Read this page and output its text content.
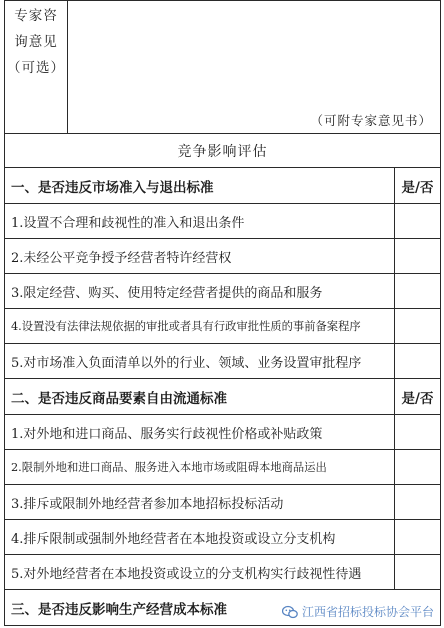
专家咨
询意见
（可选）

（可附专家意见书）

竞争影响评估
一、是否违反市场准入与退出标准	是/否
1.设置不合理和歧视性的准入和退出条件	
2.未经公平竞争授予经营者特许经营权	
3.限定经营、购买、使用特定经营者提供的商品和服务	
4.设置没有法律法规依据的审批或者具有行政审批性质的事前备案程序	
5.对市场准入负面清单以外的行业、领域、业务设置审批程序	
二、是否违反商品要素自由流通标准	是/否
1.对外地和进口商品、服务实行歧视性价格或补贴政策	
2.限制外地和进口商品、服务进入本地市场或阻碍本地商品运出	
3.排斥或限制外地经营者参加本地招标投标活动	
4.排斥限制或强制外地经营者在本地投资或设立分支机构	
5.对外地经营者在本地投资或设立的分支机构实行歧视性待遇	
三、是否违反影响生产经营成本标准	江西省招标投标协会平台
